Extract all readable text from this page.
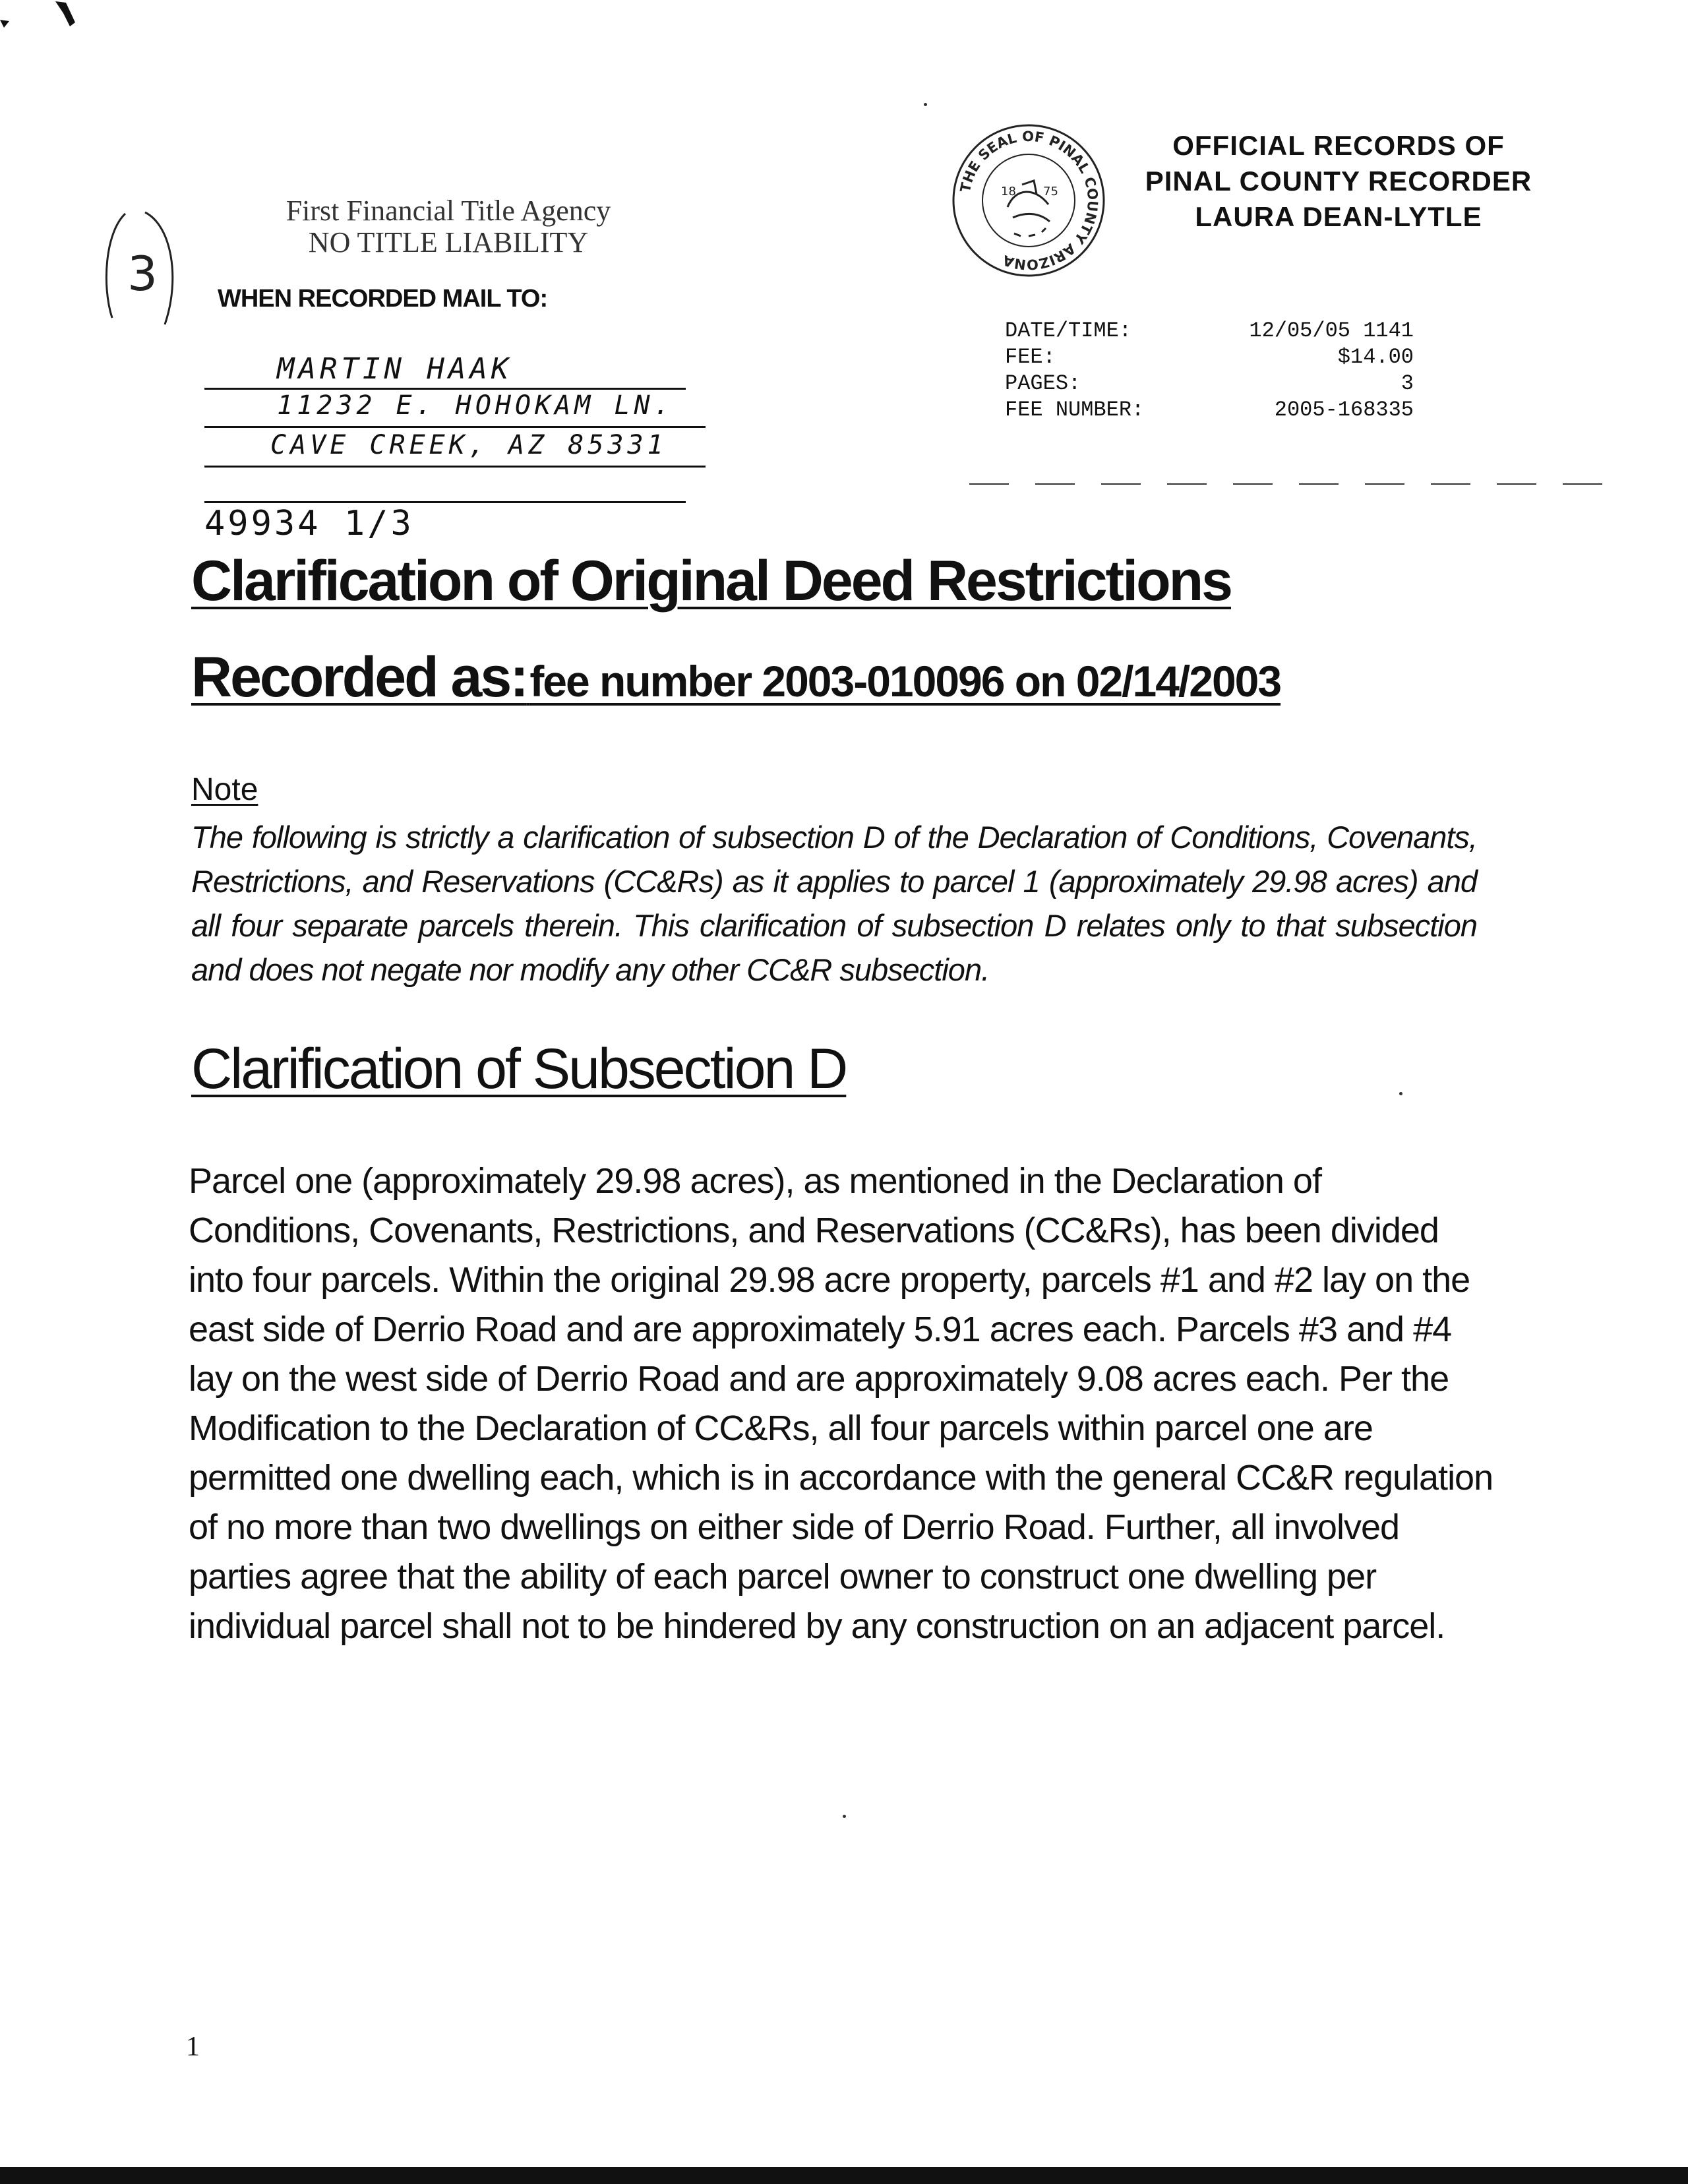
3
First Financial Title Agency
NO TITLE LIABILITY
WHEN RECORDED MAIL TO:
MARTIN HAAK
11232 E. HOHOKAM LN.
CAVE CREEK, AZ 85331
49934 1/3
THE SEAL OF PINAL COUNTY ARIZONA
18 75
OFFICIAL RECORDS OF
PINAL COUNTY RECORDER
LAURA DEAN-LYTLE
DATE/TIME:	12/05/05 1141
FEE:	$14.00
PAGES:	3
FEE NUMBER:	2005-168335
Clarification of Original Deed Restrictions
Recorded as: fee number 2003-010096 on 02/14/2003
Note
The following is strictly a clarification of subsection D of the Declaration of Conditions, Covenants, Restrictions, and Reservations (CC&Rs) as it applies to parcel 1 (approximately 29.98 acres) and all four separate parcels therein. This clarification of subsection D relates only to that subsection and does not negate nor modify any other CC&R subsection.
Clarification of Subsection D
Parcel one (approximately 29.98 acres), as mentioned in the Declaration of Conditions, Covenants, Restrictions, and Reservations (CC&Rs), has been divided into four parcels. Within the original 29.98 acre property, parcels #1 and #2 lay on the east side of Derrio Road and are approximately 5.91 acres each. Parcels #3 and #4 lay on the west side of Derrio Road and are approximately 9.08 acres each. Per the Modification to the Declaration of CC&Rs, all four parcels within parcel one are permitted one dwelling each, which is in accordance with the general CC&R regulation of no more than two dwellings on either side of Derrio Road. Further, all involved parties agree that the ability of each parcel owner to construct one dwelling per individual parcel shall not to be hindered by any construction on an adjacent parcel.
1
